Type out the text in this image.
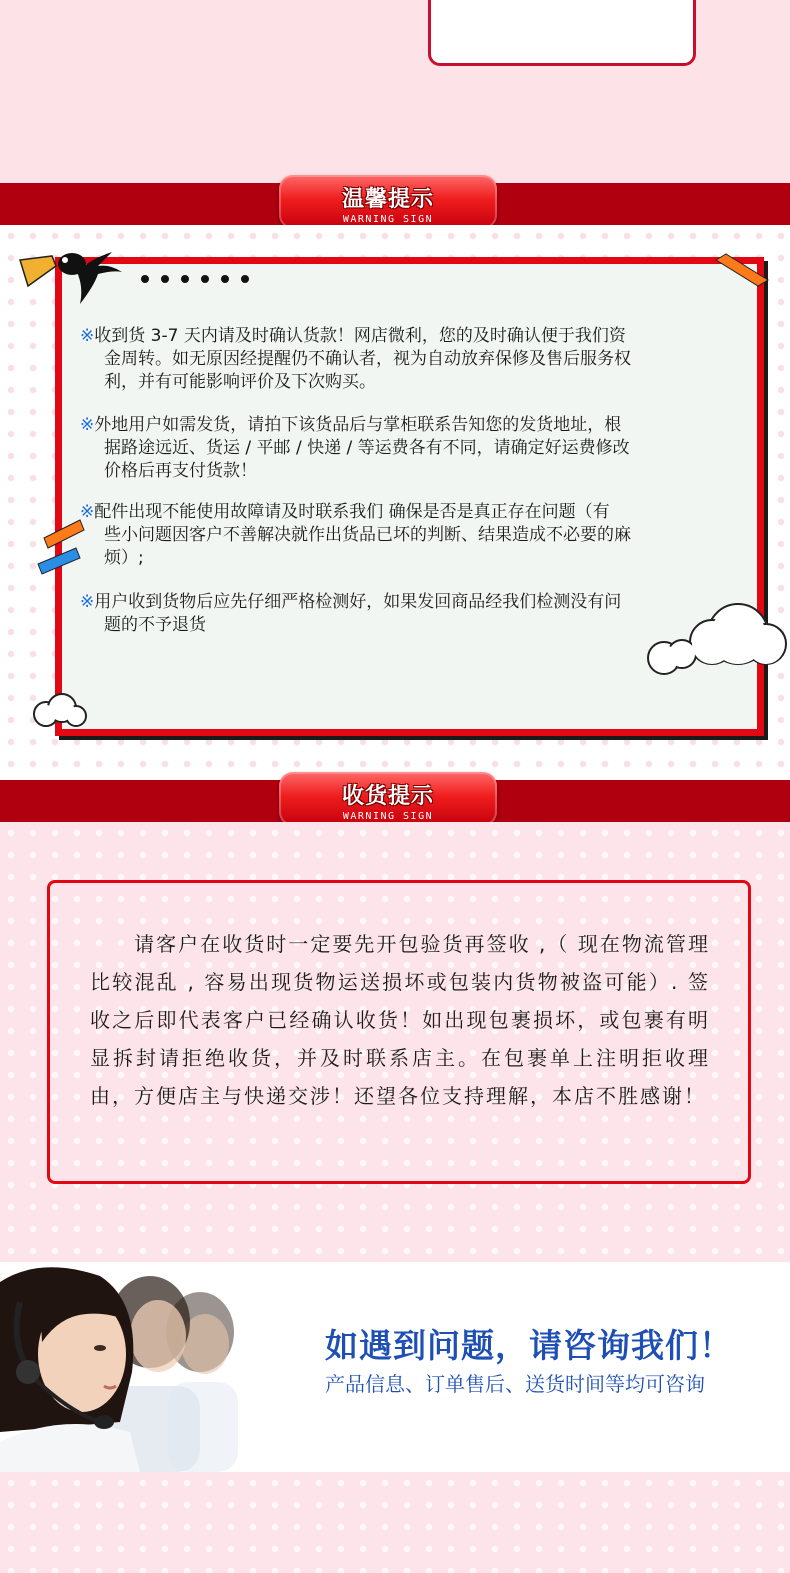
温馨提示
WARNING SIGN
※收到货 3-7 天内请及时确认货款！网店微利，您的及时确认便于我们资
金周转。如无原因经提醒仍不确认者，视为自动放弃保修及售后服务权
利，并有可能影响评价及下次购买。
※外地用户如需发货，请拍下该货品后与掌柜联系告知您的发货地址，根
据路途远近、货运 / 平邮 / 快递 / 等运费各有不同，请确定好运费修改
价格后再支付货款！
※配件出现不能使用故障请及时联系我们 确保是否是真正存在问题（有
些小问题因客户不善解决就作出货品已坏的判断、结果造成不必要的麻
烦）;
※用户收到货物后应先仔细严格检测好，如果发回商品经我们检测没有问
题的不予退货
收货提示
WARNING SIGN
　　请客户在收货时一定要先开包验货再签收 ,（ 现在物流管理比较混乱 , 容易出现货物运送损坏或包装内货物被盗可能）. 签收之后即代表客户已经确认收货！如出现包裹损坏，或包裹有明显拆封请拒绝收货，并及时联系店主。在包裹单上注明拒收理由，方便店主与快递交涉！还望各位支持理解，本店不胜感谢！
如遇到问题，请咨询我们！
产品信息、订单售后、送货时间等均可咨询
